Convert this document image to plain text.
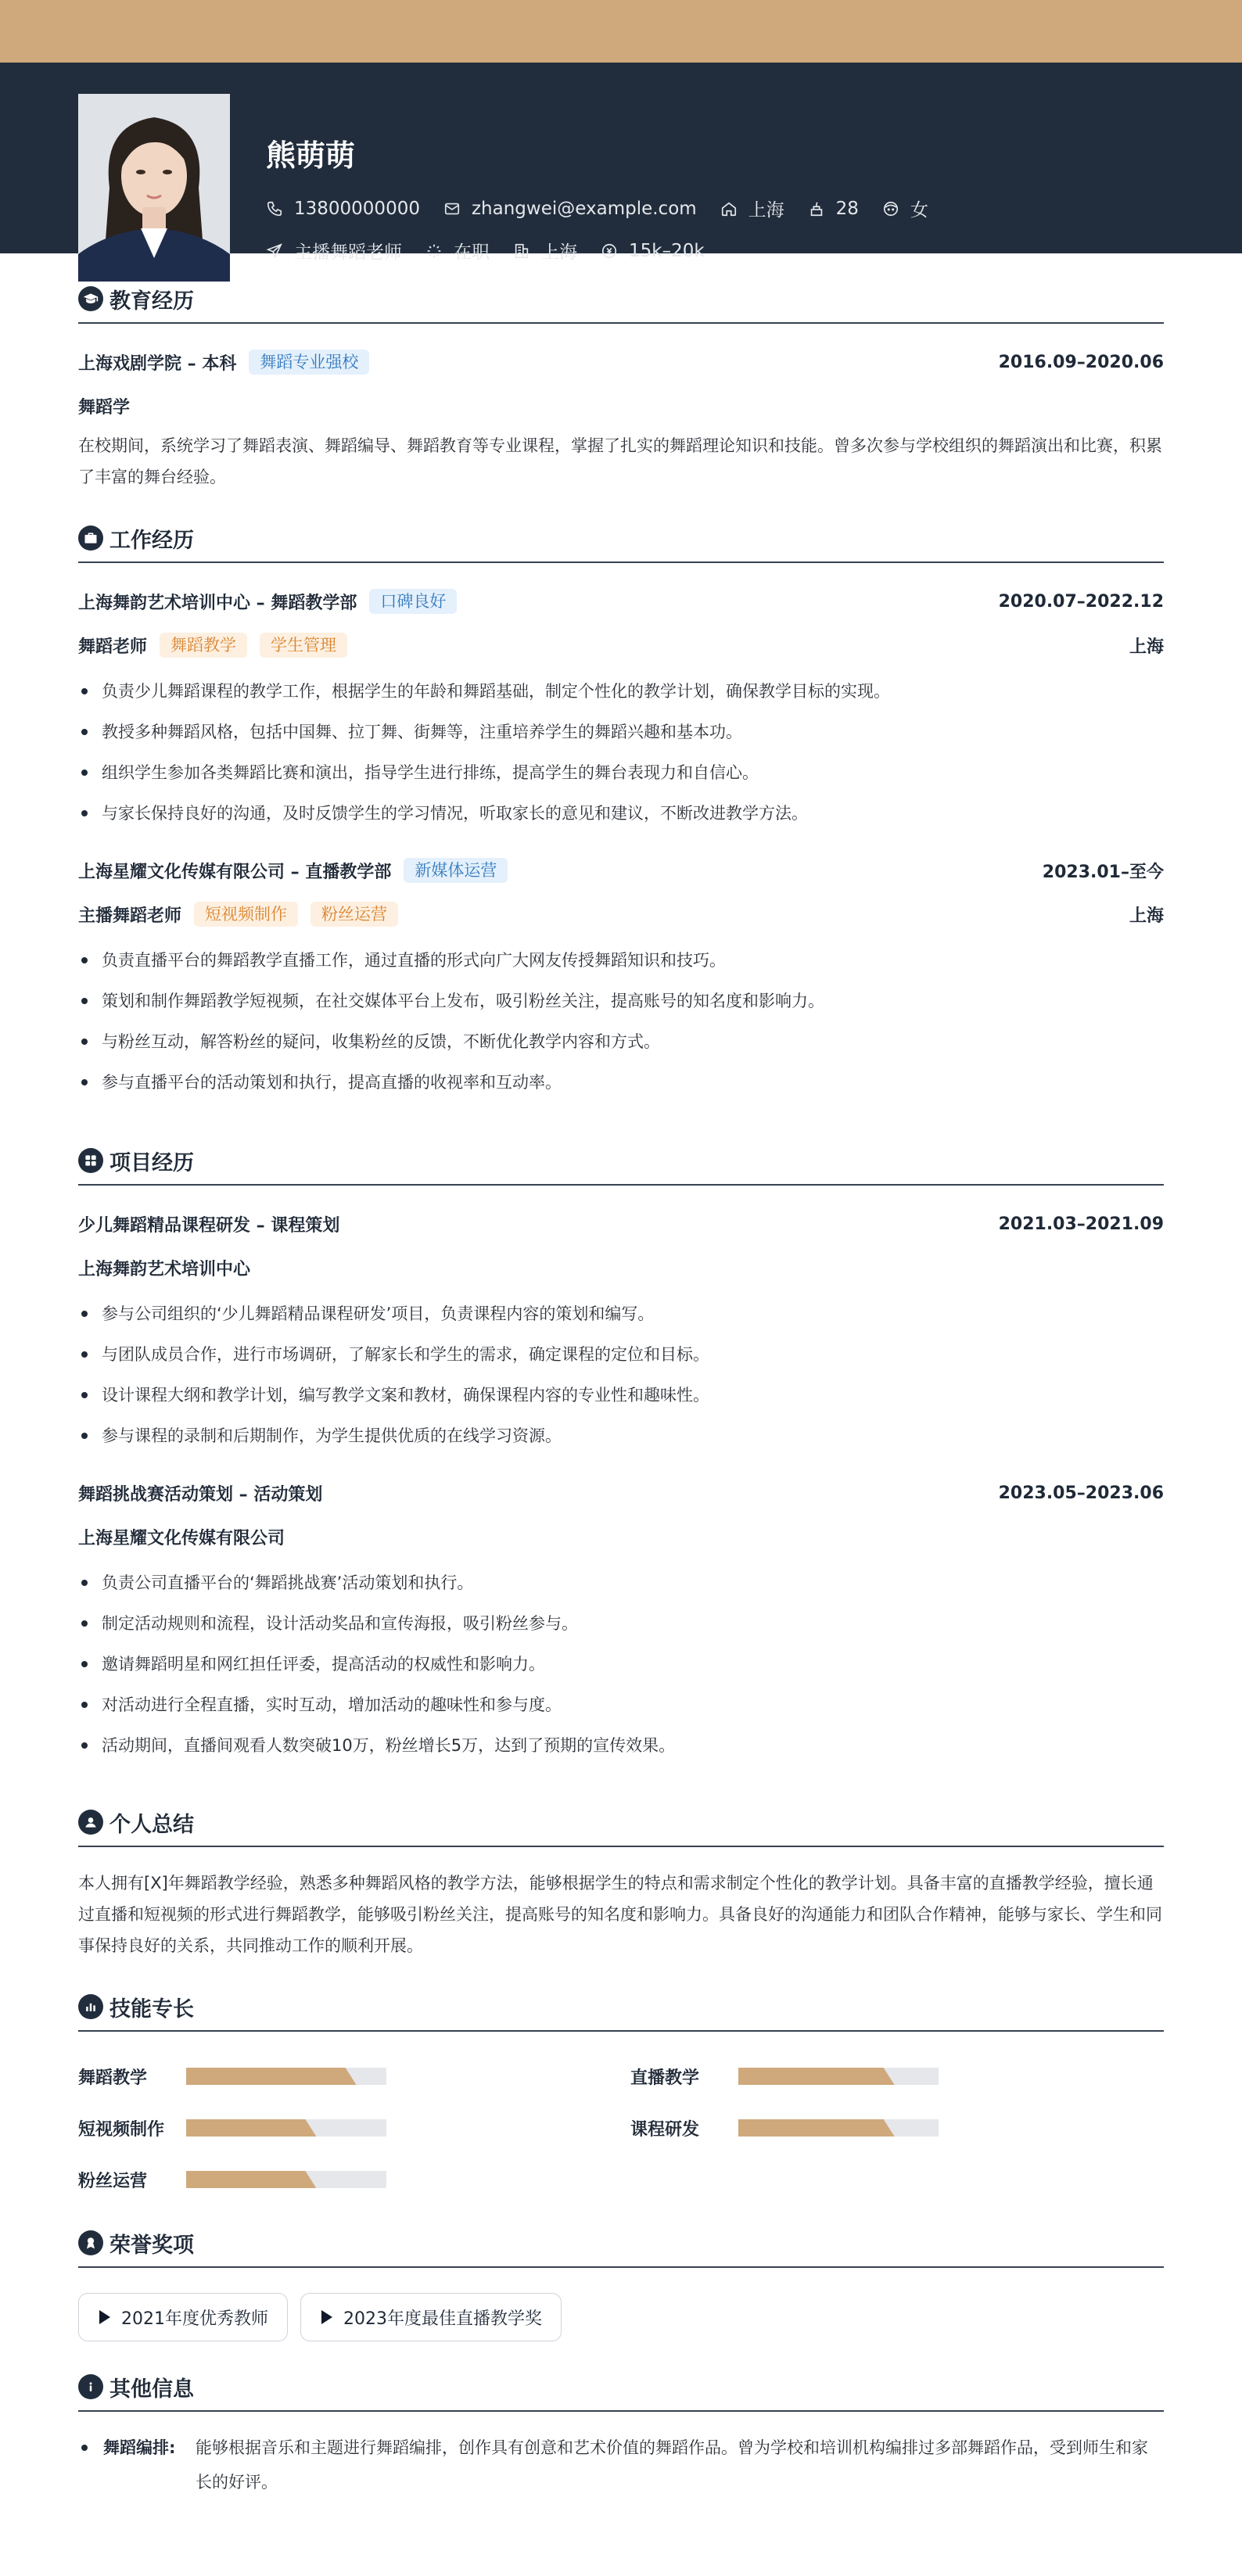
熊萌萌
13800000000	zhangwei@example.com	上海	28	女
主播舞蹈老师	在职	上海	15k–20k
教育经历
上海戏剧学院 – 本科	舞蹈专业强校	2016.09–2020.06
舞蹈学
在校期间，系统学习了舞蹈表演、舞蹈编导、舞蹈教育等专业课程，掌握了扎实的舞蹈理论知识和技能。曾多次参与学校组织的舞蹈演出和比赛，积累了丰富的舞台经验。
工作经历
上海舞韵艺术培训中心 – 舞蹈教学部	口碑良好	2020.07–2022.12
舞蹈老师	舞蹈教学	学生管理	上海
负责少儿舞蹈课程的教学工作，根据学生的年龄和舞蹈基础，制定个性化的教学计划，确保教学目标的实现。
教授多种舞蹈风格，包括中国舞、拉丁舞、街舞等，注重培养学生的舞蹈兴趣和基本功。
组织学生参加各类舞蹈比赛和演出，指导学生进行排练，提高学生的舞台表现力和自信心。
与家长保持良好的沟通，及时反馈学生的学习情况，听取家长的意见和建议，不断改进教学方法。
上海星耀文化传媒有限公司 – 直播教学部	新媒体运营	2023.01–至今
主播舞蹈老师	短视频制作	粉丝运营	上海
负责直播平台的舞蹈教学直播工作，通过直播的形式向广大网友传授舞蹈知识和技巧。
策划和制作舞蹈教学短视频，在社交媒体平台上发布，吸引粉丝关注，提高账号的知名度和影响力。
与粉丝互动，解答粉丝的疑问，收集粉丝的反馈，不断优化教学内容和方式。
参与直播平台的活动策划和执行，提高直播的收视率和互动率。
项目经历
少儿舞蹈精品课程研发 – 课程策划	2021.03–2021.09
上海舞韵艺术培训中心
参与公司组织的‘少儿舞蹈精品课程研发’项目，负责课程内容的策划和编写。
与团队成员合作，进行市场调研，了解家长和学生的需求，确定课程的定位和目标。
设计课程大纲和教学计划，编写教学文案和教材，确保课程内容的专业性和趣味性。
参与课程的录制和后期制作，为学生提供优质的在线学习资源。
舞蹈挑战赛活动策划 – 活动策划	2023.05–2023.06
上海星耀文化传媒有限公司
负责公司直播平台的‘舞蹈挑战赛’活动策划和执行。
制定活动规则和流程，设计活动奖品和宣传海报，吸引粉丝参与。
邀请舞蹈明星和网红担任评委，提高活动的权威性和影响力。
对活动进行全程直播，实时互动，增加活动的趣味性和参与度。
活动期间，直播间观看人数突破10万，粉丝增长5万，达到了预期的宣传效果。
个人总结
本人拥有[X]年舞蹈教学经验，熟悉多种舞蹈风格的教学方法，能够根据学生的特点和需求制定个性化的教学计划。具备丰富的直播教学经验，擅长通过直播和短视频的形式进行舞蹈教学，能够吸引粉丝关注，提高账号的知名度和影响力。具备良好的沟通能力和团队合作精神，能够与家长、学生和同事保持良好的关系，共同推动工作的顺利开展。
技能专长
舞蹈教学	直播教学
短视频制作	课程研发
粉丝运营
荣誉奖项
2021年度优秀教师	2023年度最佳直播教学奖
其他信息
舞蹈编排:	能够根据音乐和主题进行舞蹈编排，创作具有创意和艺术价值的舞蹈作品。曾为学校和培训机构编排过多部舞蹈作品，受到师生和家长的好评。
